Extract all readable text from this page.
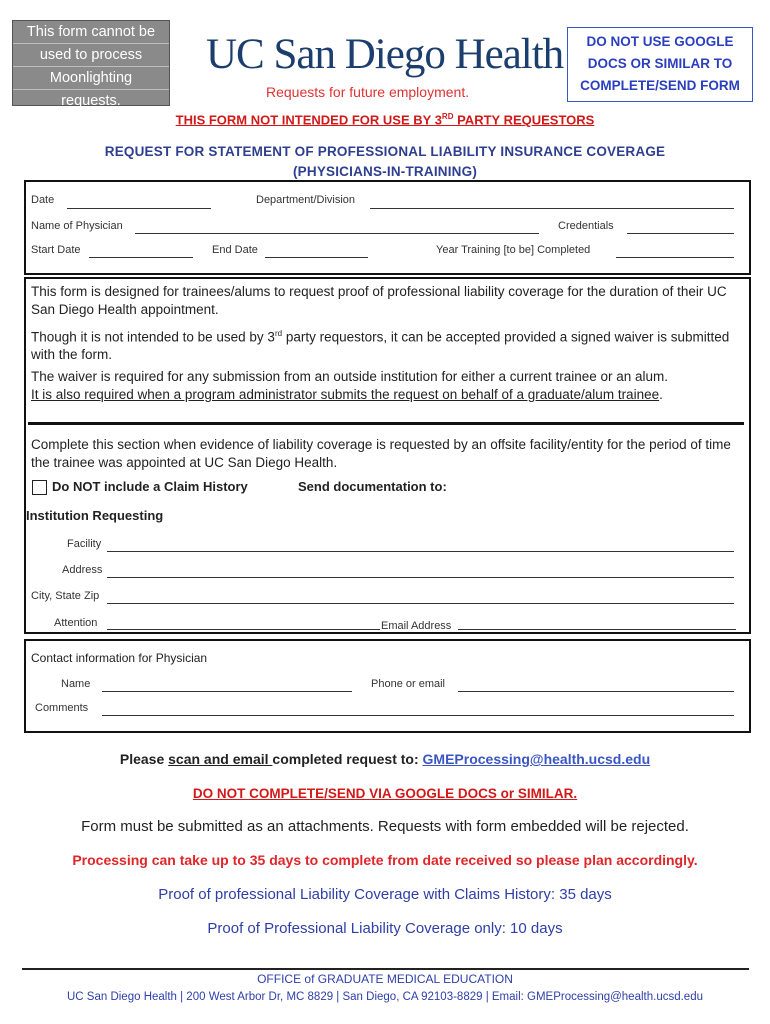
This form cannot be
used to process
Moonlighting
requests.
UC San Diego Health
Requests for future employment.
DO NOT USE GOOGLE
DOCS OR SIMILAR TO
COMPLETE/SEND FORM
THIS FORM NOT INTENDED FOR USE BY 3RD PARTY REQUESTORS
REQUEST FOR STATEMENT OF PROFESSIONAL LIABILITY INSURANCE COVERAGE
(PHYSICIANS-IN-TRAINING)
Date	Department/Division
Name of Physician	Credentials
Start Date	End Date	Year Training [to be] Completed
This form is designed for trainees/alums to request proof of professional liability coverage for the duration of their UC San Diego Health appointment.
Though it is not intended to be used by 3rd party requestors, it can be accepted provided a signed waiver is submitted with the form.
The waiver is required for any submission from an outside institution for either a current trainee or an alum.
It is also required when a program administrator submits the request on behalf of a graduate/alum trainee.
Complete this section when evidence of liability coverage is requested by an offsite facility/entity for the period of time the trainee was appointed at UC San Diego Health.
Do NOT include a Claim History	Send documentation to:
Institution Requesting
Facility
Address
City, State Zip
Attention	Email Address
Contact information for Physician
Name	Phone or email
Comments
Please scan and email completed request to: GMEProcessing@health.ucsd.edu
DO NOT COMPLETE/SEND VIA GOOGLE DOCS or SIMILAR.
Form must be submitted as an attachments. Requests with form embedded will be rejected.
Processing can take up to 35 days to complete from date received so please plan accordingly.
Proof of professional Liability Coverage with Claims History: 35 days
Proof of Professional Liability Coverage only: 10 days
OFFICE of GRADUATE MEDICAL EDUCATION
UC San Diego Health | 200 West Arbor Dr, MC 8829 | San Diego, CA 92103-8829 | Email: GMEProcessing@health.ucsd.edu
